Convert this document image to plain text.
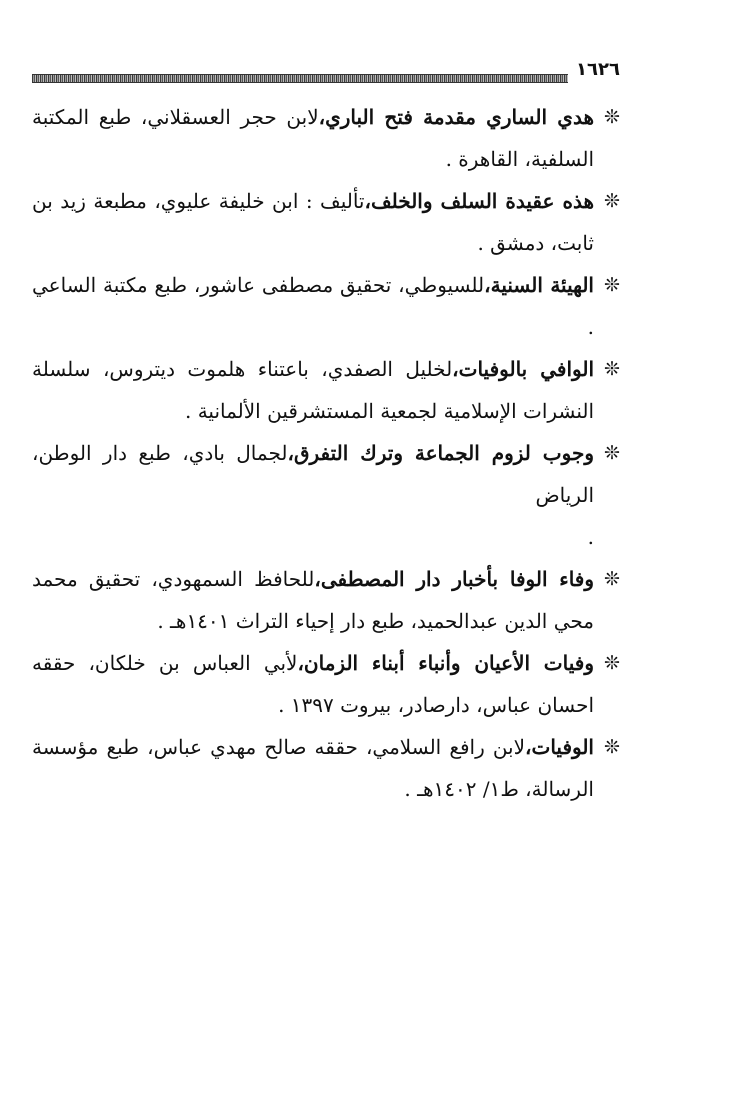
١٦٢٦

❊
هدي الساري مقدمة فتح الباري،لابن حجر العسقلاني، طبع المكتبة السلفية، القاهرة .

❊
هذه عقيدة السلف والخلف،تأليف : ابن خليفة عليوي، مطبعة زيد بن ثابت، دمشق .

❊
الهيئة السنية،للسيوطي، تحقيق مصطفى عاشور، طبع مكتبة الساعي .

❊
الوافي بالوفيات،لخليل الصفدي، باعتناء هلموت ديتروس، سلسلة النشرات الإسلامية لجمعية المستشرقين الألمانية .

❊
وجوب لزوم الجماعة وترك التفرق،لجمال بادي، طبع دار الوطن، الرياض

.

❊
وفاء الوفا بأخبار دار المصطفى،للحافظ السمهودي، تحقيق محمد محي الدين عبدالحميد، طبع دار إحياء التراث ١٤٠١هـ .

❊
وفيات الأعيان وأنباء أبناء الزمان،لأبي العباس بن خلكان، حققه احسان عباس، دارصادر، بيروت ١٣٩٧ .

❊
الوفيات،لابن رافع السلامي، حققه صالح مهدي عباس، طبع مؤسسة الرسالة، ط١/ ١٤٠٢هـ .
